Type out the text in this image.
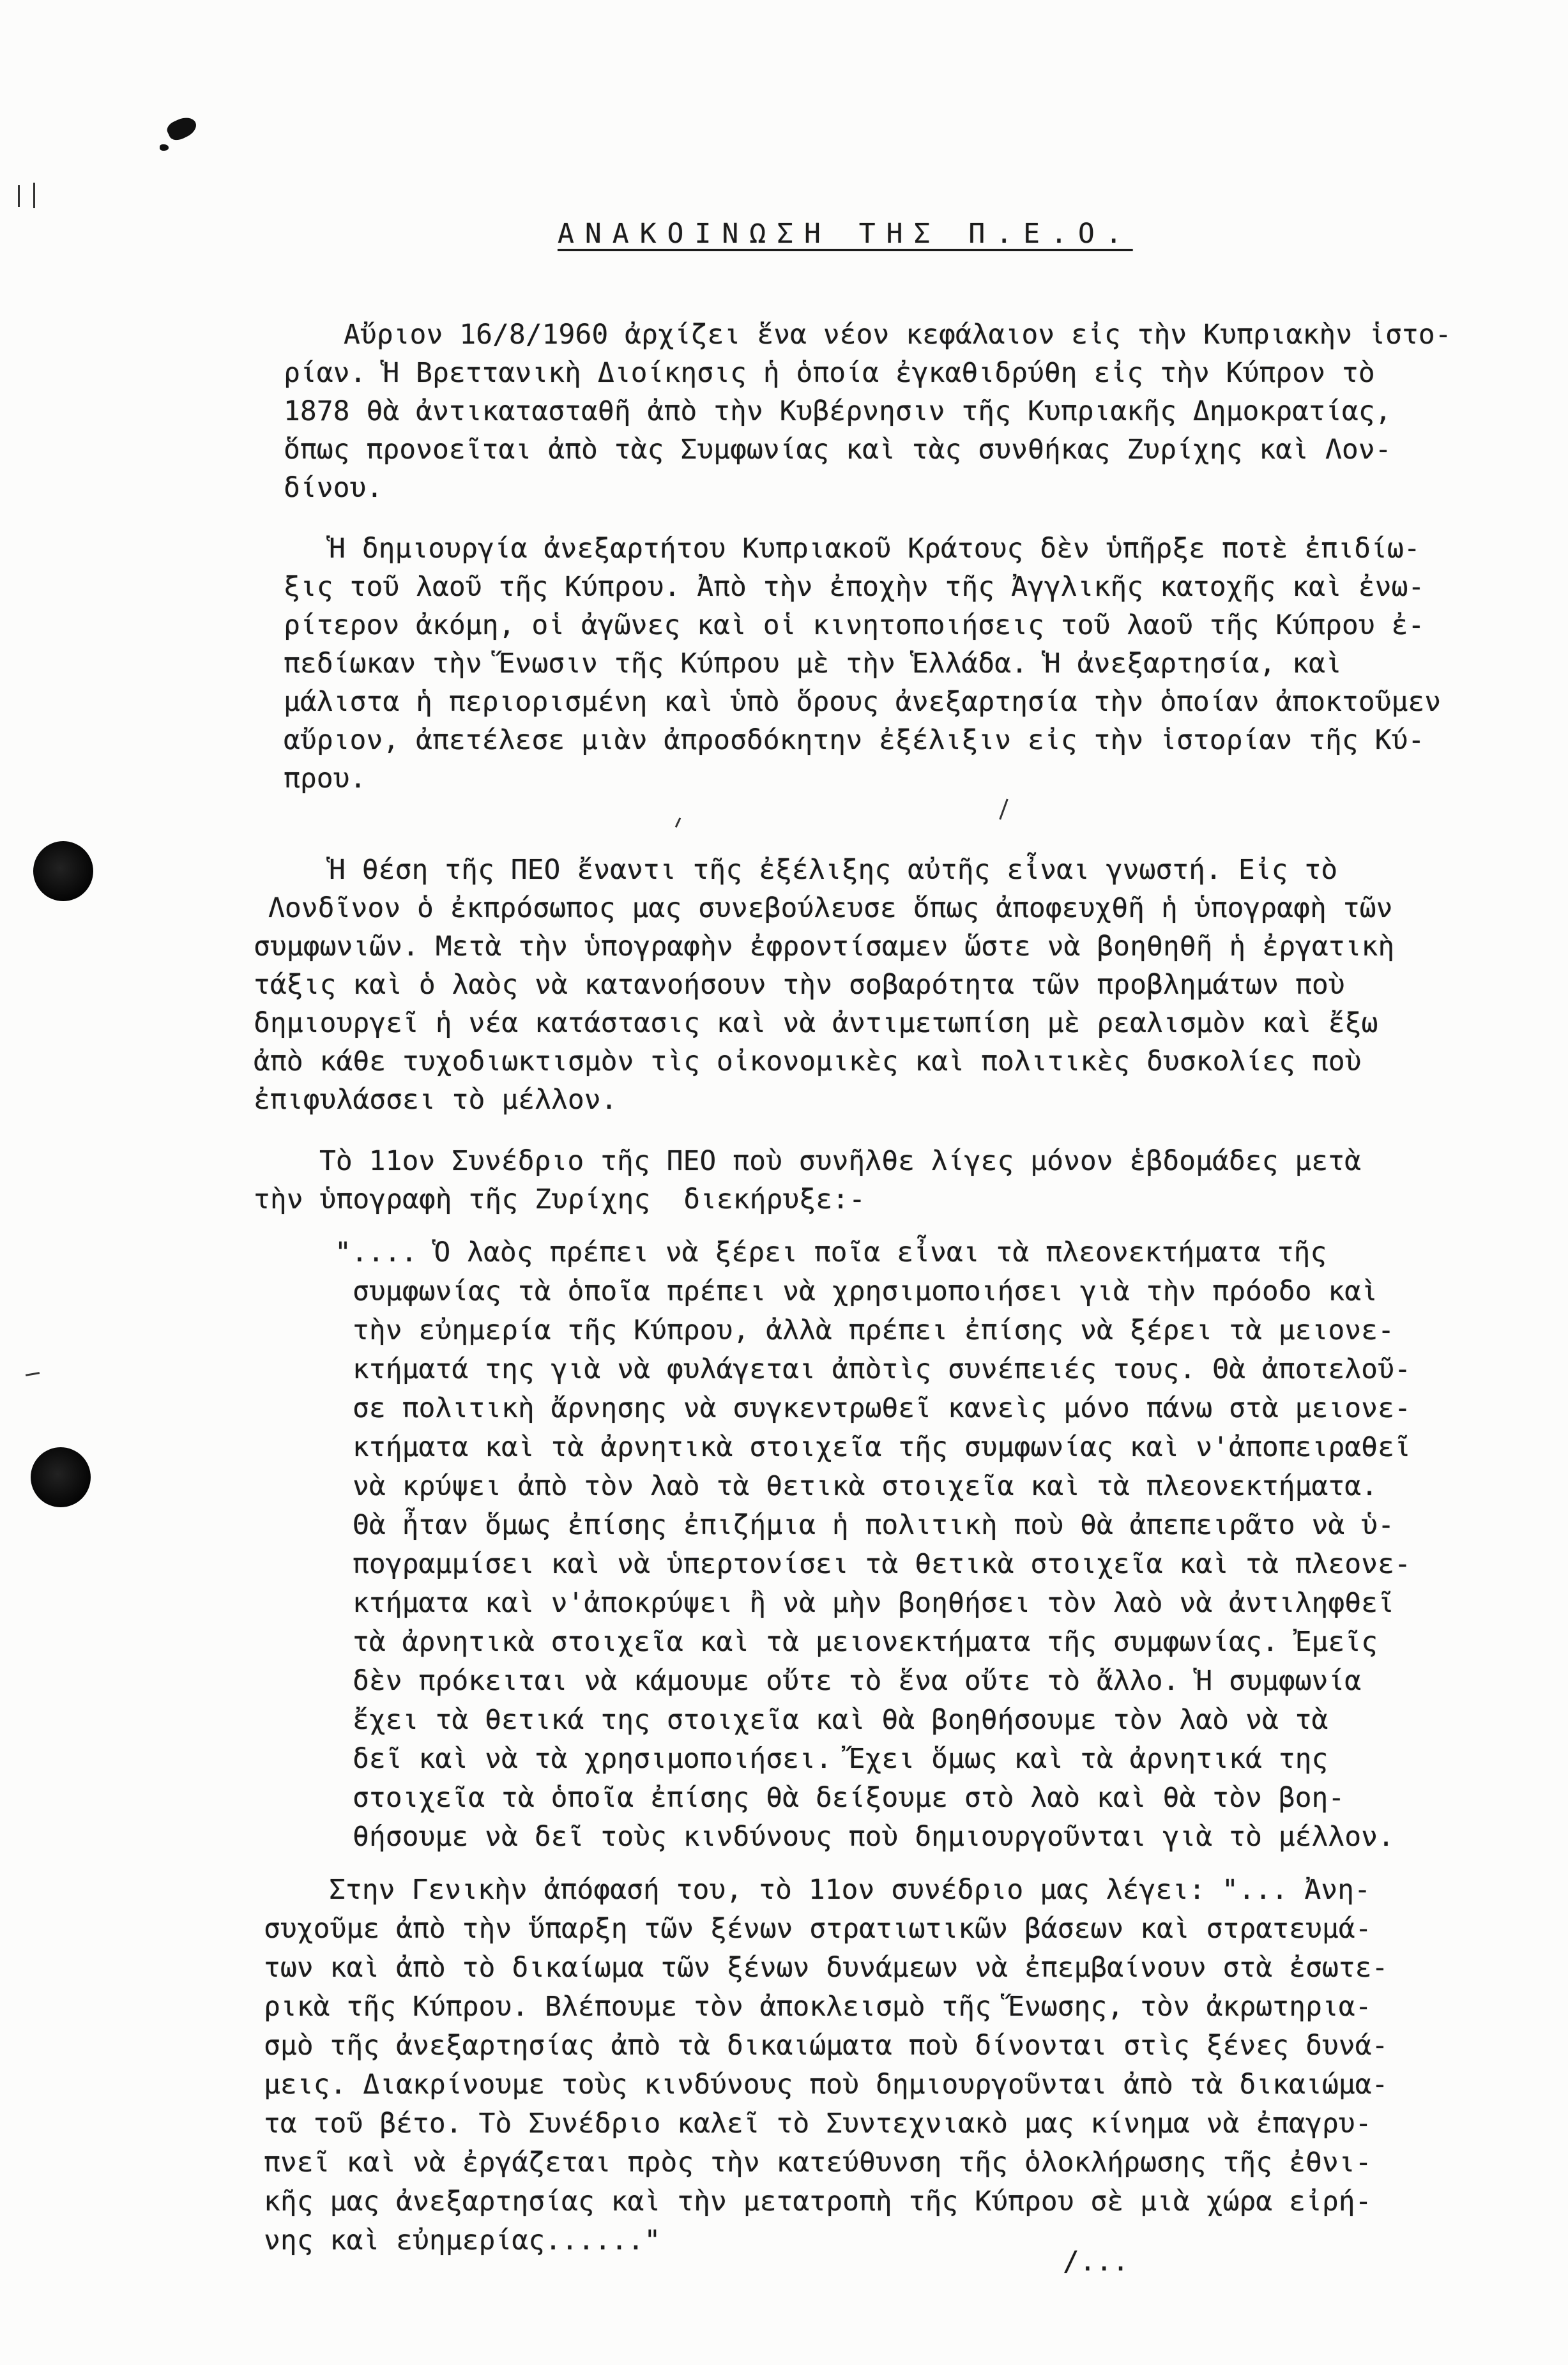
ΑΝΑΚΟΙΝΩΣΗ ΤΗΣ Π.Ε.Ο.
Αὔριον 16/8/1960 ἀρχίζει ἕνα νέον κεφάλαιον εἰς τὴν Κυπριακὴν ἱστο-
ρίαν. Ἡ Βρεττανικὴ Διοίκησις ἡ ὁποία ἐγκαθιδρύθη εἰς τὴν Κύπρον τὸ
1878 θὰ ἀντικατασταθῆ ἀπὸ τὴν Κυβέρνησιν τῆς Κυπριακῆς Δημοκρατίας,
ὅπως προνοεῖται ἀπὸ τὰς Συμφωνίας καὶ τὰς συνθήκας Ζυρίχης καὶ Λον-
δίνου.
Ἡ δημιουργία ἀνεξαρτήτου Κυπριακοῦ Κράτους δὲν ὑπῆρξε ποτὲ ἐπιδίω-
ξις τοῦ λαοῦ τῆς Κύπρου. Ἀπὸ τὴν ἐποχὴν τῆς Ἀγγλικῆς κατοχῆς καὶ ἐνω-
ρίτερον ἀκόμη, οἱ ἀγῶνες καὶ οἱ κινητοποιήσεις τοῦ λαοῦ τῆς Κύπρου ἐ-
πεδίωκαν τὴν Ἕνωσιν τῆς Κύπρου μὲ τὴν Ἑλλάδα. Ἡ ἀνεξαρτησία, καὶ
μάλιστα ἡ περιορισμένη καὶ ὑπὸ ὅρους ἀνεξαρτησία τὴν ὁποίαν ἀποκτοῦμεν
αὔριον, ἀπετέλεσε μιὰν ἀπροσδόκητην ἐξέλιξιν εἰς τὴν ἱστορίαν τῆς Κύ-
πρου.
Ἡ θέση τῆς ΠΕΟ ἔναντι τῆς ἐξέλιξης αὐτῆς εἶναι γνωστή. Εἰς τὸ
Λονδῖνον ὁ ἐκπρόσωπος μας συνεβούλευσε ὅπως ἀποφευχθῆ ἡ ὑπογραφὴ τῶν
συμφωνιῶν. Μετὰ τὴν ὑπογραφὴν ἐφροντίσαμεν ὥστε νὰ βοηθηθῆ ἡ ἐργατικὴ
τάξις καὶ ὁ λαὸς νὰ κατανοήσουν τὴν σοβαρότητα τῶν προβλημάτων ποὺ
δημιουργεῖ ἡ νέα κατάστασις καὶ νὰ ἀντιμετωπίση μὲ ρεαλισμὸν καὶ ἔξω
ἀπὸ κάθε τυχοδιωκτισμὸν τὶς οἰκονομικὲς καὶ πολιτικὲς δυσκολίες ποὺ
ἐπιφυλάσσει τὸ μέλλον.
Τὸ 11ον Συνέδριο τῆς ΠΕΟ ποὺ συνῆλθε λίγες μόνον ἑβδομάδες μετὰ
τὴν ὑπογραφὴ τῆς Ζυρίχης  διεκήρυξε:-
".... Ὁ λαὸς πρέπει νὰ ξέρει ποῖα εἶναι τὰ πλεονεκτήματα τῆς
συμφωνίας τὰ ὁποῖα πρέπει νὰ χρησιμοποιήσει γιὰ τὴν πρόοδο καὶ
τὴν εὐημερία τῆς Κύπρου, ἀλλὰ πρέπει ἐπίσης νὰ ξέρει τὰ μειονε-
κτήματά της γιὰ νὰ φυλάγεται ἀπὸτὶς συνέπειές τους. Θὰ ἀποτελοῦ-
σε πολιτικὴ ἄρνησης νὰ συγκεντρωθεῖ κανεὶς μόνο πάνω στὰ μειονε-
κτήματα καὶ τὰ ἀρνητικὰ στοιχεῖα τῆς συμφωνίας καὶ ν'ἀποπειραθεῖ
νὰ κρύψει ἀπὸ τὸν λαὸ τὰ θετικὰ στοιχεῖα καὶ τὰ πλεονεκτήματα.
Θὰ ἦταν ὅμως ἐπίσης ἐπιζήμια ἡ πολιτικὴ ποὺ θὰ ἀπεπειρᾶτο νὰ ὑ-
πογραμμίσει καὶ νὰ ὑπερτονίσει τὰ θετικὰ στοιχεῖα καὶ τὰ πλεονε-
κτήματα καὶ ν'ἀποκρύψει ἢ νὰ μὴν βοηθήσει τὸν λαὸ νὰ ἀντιληφθεῖ
τὰ ἀρνητικὰ στοιχεῖα καὶ τὰ μειονεκτήματα τῆς συμφωνίας. Ἐμεῖς
δὲν πρόκειται νὰ κάμουμε οὔτε τὸ ἕνα οὔτε τὸ ἄλλο. Ἡ συμφωνία
ἔχει τὰ θετικά της στοιχεῖα καὶ θὰ βοηθήσουμε τὸν λαὸ νὰ τὰ
δεῖ καὶ νὰ τὰ χρησιμοποιήσει. Ἔχει ὅμως καὶ τὰ ἀρνητικά της
στοιχεῖα τὰ ὁποῖα ἐπίσης θὰ δείξουμε στὸ λαὸ καὶ θὰ τὸν βοη-
θήσουμε νὰ δεῖ τοὺς κινδύνους ποὺ δημιουργοῦνται γιὰ τὸ μέλλον.
Στην Γενικὴν ἀπόφασή του, τὸ 11ον συνέδριο μας λέγει: "... Ἀνη-
συχοῦμε ἀπὸ τὴν ὕπαρξη τῶν ξένων στρατιωτικῶν βάσεων καὶ στρατευμά-
των καὶ ἀπὸ τὸ δικαίωμα τῶν ξένων δυνάμεων νὰ ἐπεμβαίνουν στὰ ἐσωτε-
ρικὰ τῆς Κύπρου. Βλέπουμε τὸν ἀποκλεισμὸ τῆς Ἕνωσης, τὸν ἀκρωτηρια-
σμὸ τῆς ἀνεξαρτησίας ἀπὸ τὰ δικαιώματα ποὺ δίνονται στὶς ξένες δυνά-
μεις. Διακρίνουμε τοὺς κινδύνους ποὺ δημιουργοῦνται ἀπὸ τὰ δικαιώμα-
τα τοῦ βέτο. Τὸ Συνέδριο καλεῖ τὸ Συντεχνιακὸ μας κίνημα νὰ ἐπαγρυ-
πνεῖ καὶ νὰ ἐργάζεται πρὸς τὴν κατεύθυνση τῆς ὁλοκλήρωσης τῆς ἐθνι-
κῆς μας ἀνεξαρτησίας καὶ τὴν μετατροπὴ τῆς Κύπρου σὲ μιὰ χώρα εἰρή-
νης καὶ εὐημερίας......"
/...
